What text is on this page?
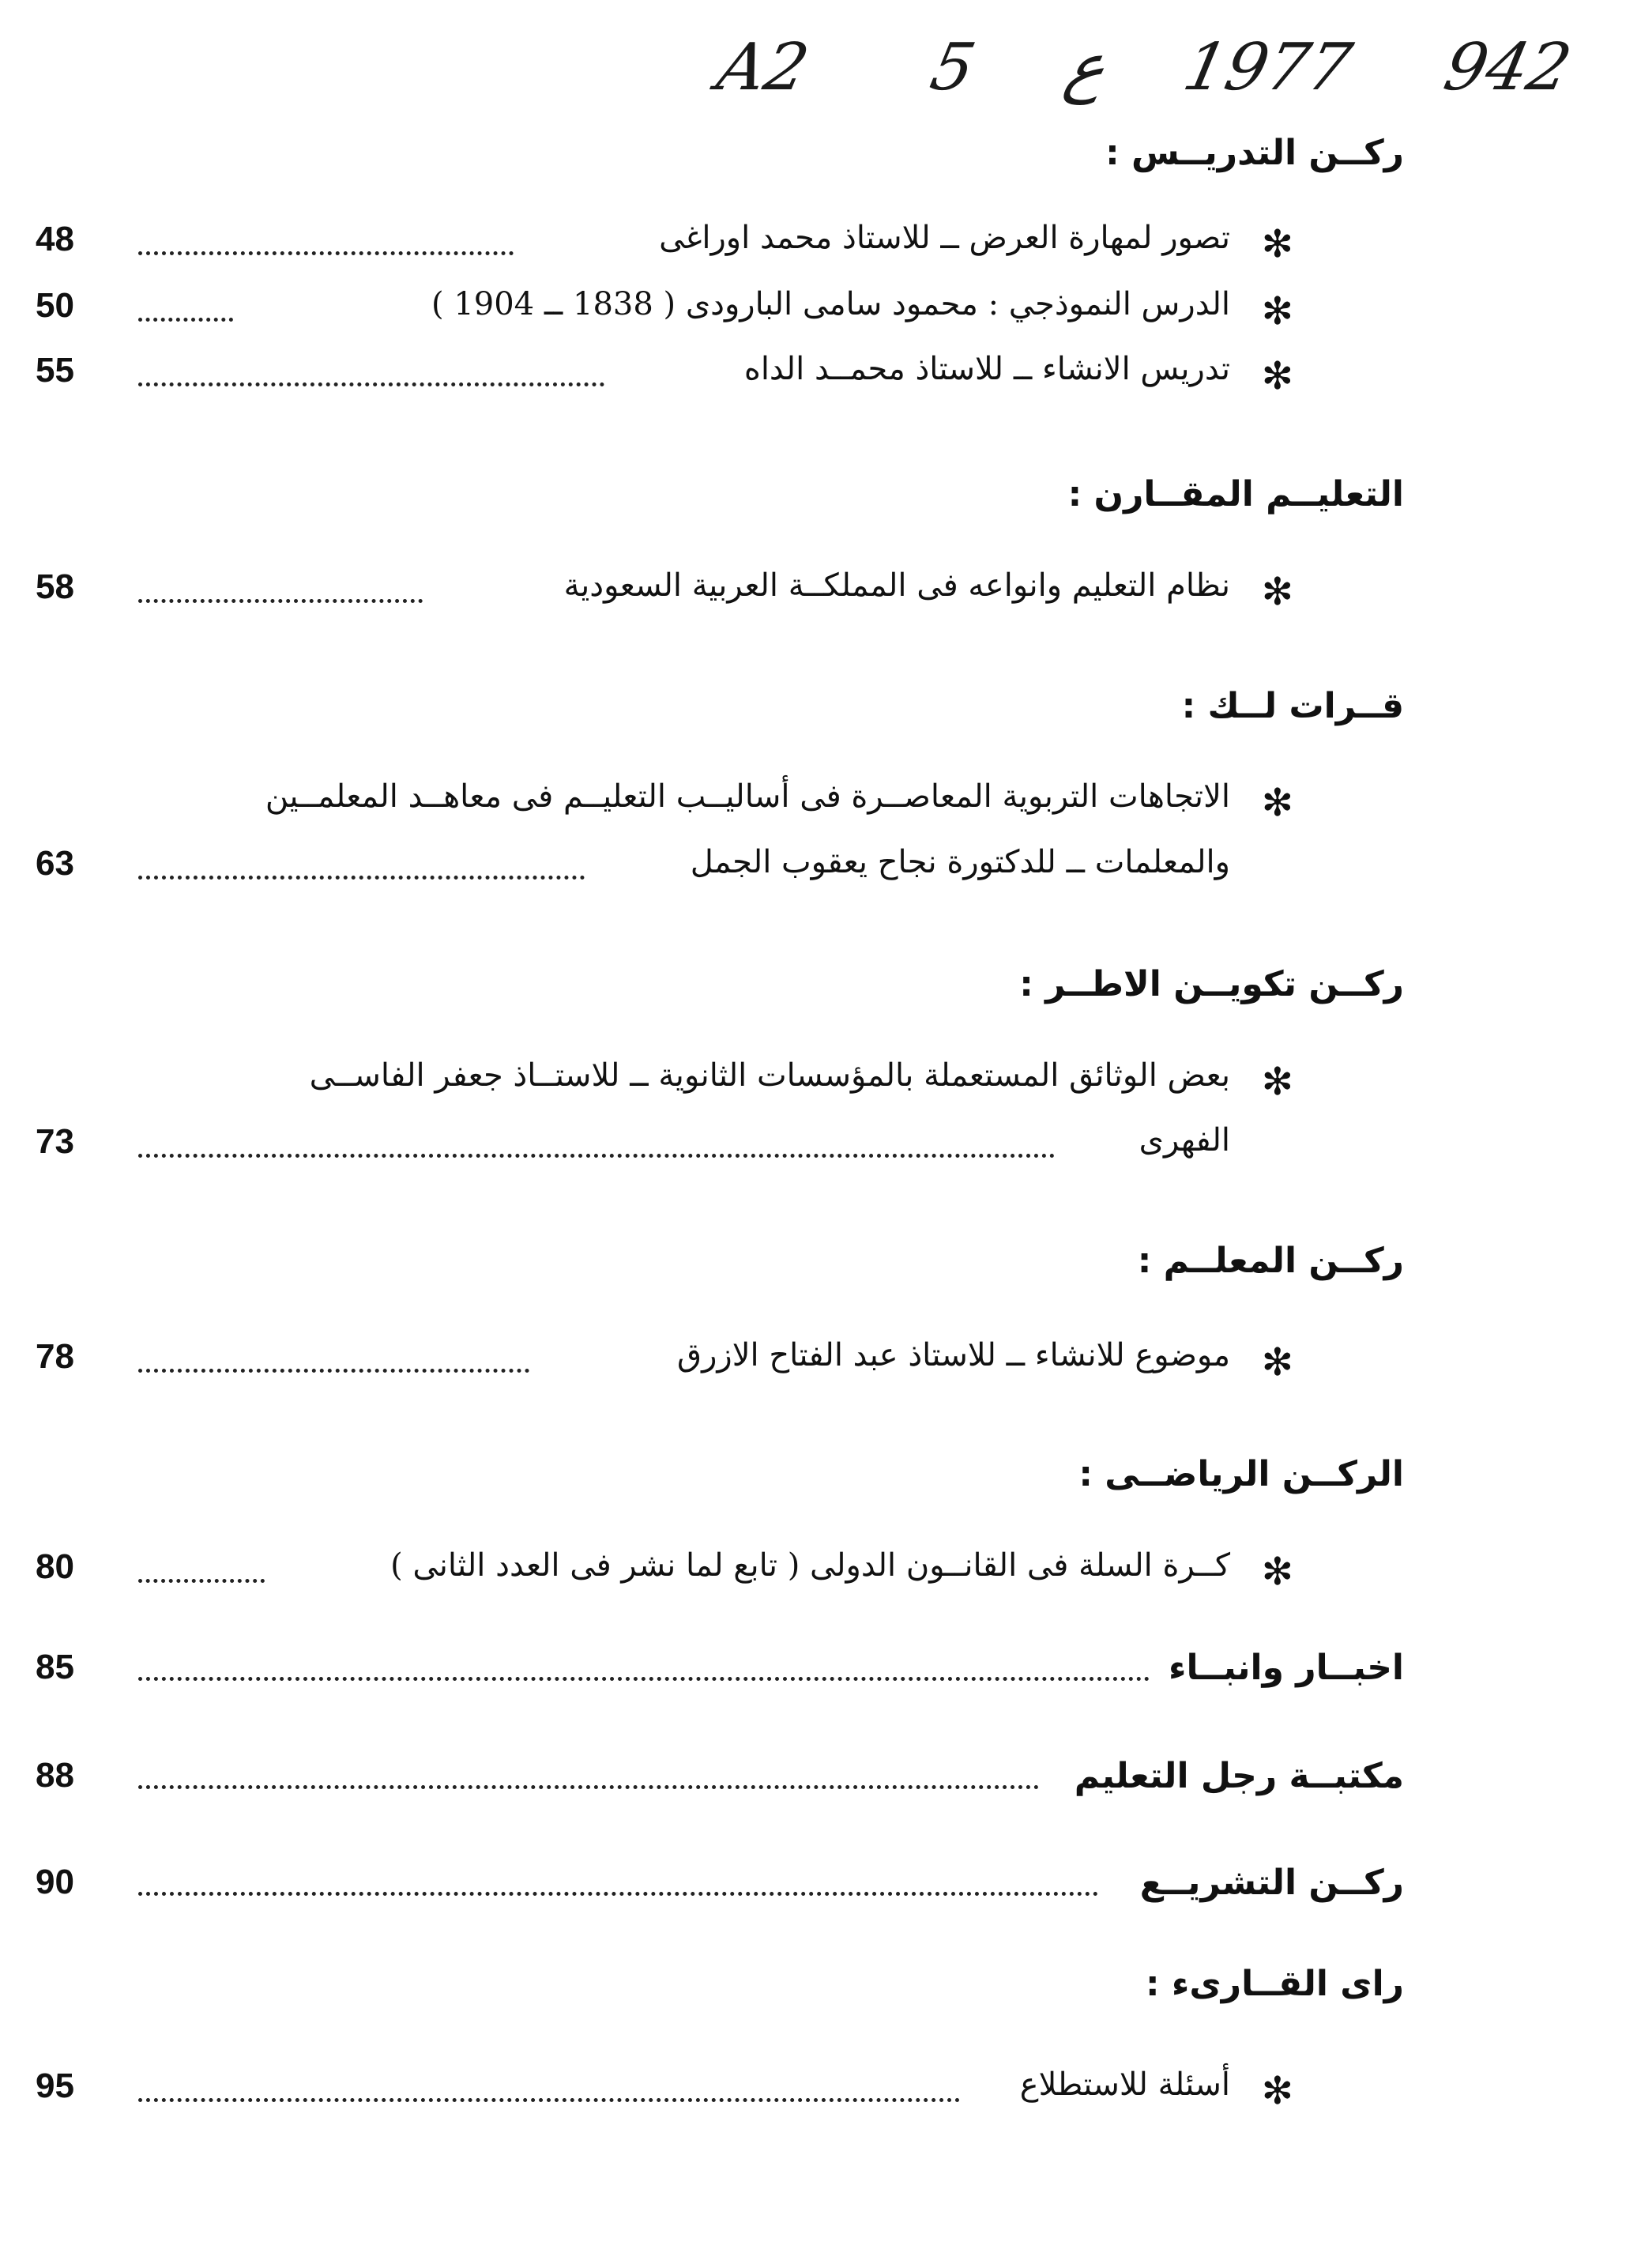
A2 5 ع 1977 942
ركــن التدريــس :
✻
تصور لمهارة العرض ــ للاستاذ محمد اوراغى
48
✻
الدرس النموذجي : محمود سامى البارودى ( 1838 ــ 1904 )
50
✻
تدريس الانشاء ــ للاستاذ محمــد الداه
55
التعليــم المقــارن :
✻
نظام التعليم وانواعه فى المملكــة العربية السعودية
58
قــرات لــك :
✻
الاتجاهات التربوية المعاصــرة فى أساليــب التعليــم فى معاهــد المعلمــين
والمعلمات ــ للدكتورة نجاح يعقوب الجمل
63
ركــن تكويــن الاطــر :
✻
بعض الوثائق المستعملة بالمؤسسات الثانوية ــ للاستــاذ جعفر الفاســى
الفهرى
73
ركــن المعلــم :
✻
موضوع للانشاء ــ للاستاذ عبد الفتاح الازرق
78
الركــن الرياضــى :
✻
كــرة السلة فى القانــون الدولى ( تابع لما نشر فى العدد الثانى )
80
اخبــار وانبــاء
85
مكتبــة رجل التعليم
88
ركــن التشريــع
90
راى القــارىء :
✻
أسئلة للاستطلاع
95
